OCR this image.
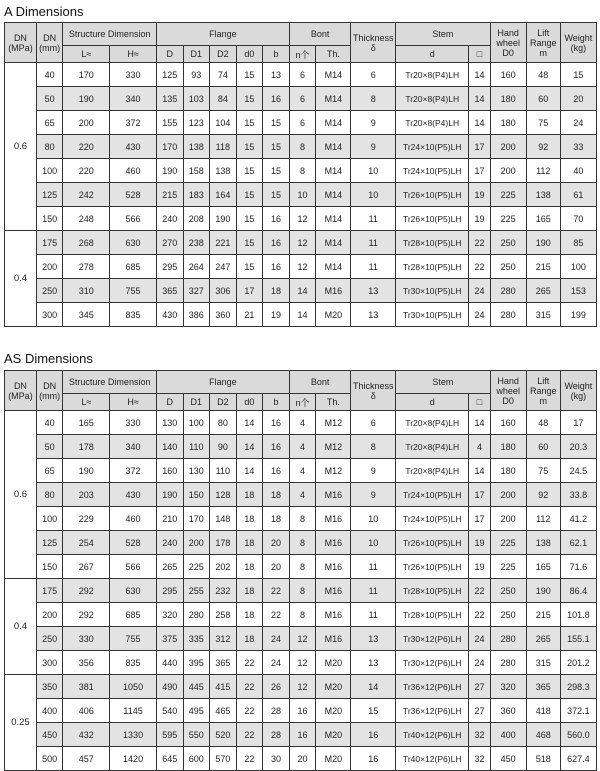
A Dimensions
DN (MPa)	DN (mm)	Structure Dimension		Flange					Bont		Thickness δ	Stem		Hand wheel D0	Lift Range m	Weight (kg)
		L≈	H≈	D	D1	D2	d0	b	n个	Th.		d	□			
0.6	40	170	330	125	93	74	15	13	6	M14	6	Tr20×8(P4)LH	14	160	48	15
	50	190	340	135	103	84	15	16	6	M14	8	Tr20×8(P4)LH	14	180	60	20
	65	200	372	155	123	104	15	15	6	M14	9	Tr20×8(P4)LH	14	180	75	24
	80	220	430	170	138	118	15	15	8	M14	9	Tr24×10(P5)LH	17	200	92	33
	100	220	460	190	158	138	15	15	8	M14	10	Tr24×10(P5)LH	17	200	112	40
	125	242	528	215	183	164	15	15	10	M14	10	Tr26×10(P5)LH	19	225	138	61
	150	248	566	240	208	190	15	16	12	M14	11	Tr26×10(P5)LH	19	225	165	70
0.4	175	268	630	270	238	221	15	16	12	M14	11	Tr28×10(P5)LH	22	250	190	85
	200	278	685	295	264	247	15	16	12	M14	11	Tr28×10(P5)LH	22	250	215	100
	250	310	755	365	327	306	17	18	14	M16	13	Tr30×10(P5)LH	24	280	265	153
	300	345	835	430	386	360	21	19	14	M20	13	Tr30×10(P5)LH	24	280	315	199
AS Dimensions
DN (MPa)	DN (mm)	Structure Dimension		Flange					Bont		Thickness δ	Stem		Hand wheel D0	Lift Range m	Weight (kg)
		L≈	H≈	D	D1	D2	d0	b	n个	Th.		d	□			
0.6	40	165	330	130	100	80	14	16	4	M12	6	Tr20×8(P4)LH	14	160	48	17
	50	178	340	140	110	90	14	16	4	M12	8	Tr20×8(P4)LH	4	180	60	20.3
	65	190	372	160	130	110	14	16	4	M12	9	Tr20×8(P4)LH	14	180	75	24.5
	80	203	430	190	150	128	18	18	4	M16	9	Tr24×10(P5)LH	17	200	92	33.8
	100	229	460	210	170	148	18	18	8	M16	10	Tr24×10(P5)LH	17	200	112	41.2
	125	254	528	240	200	178	18	20	8	M16	10	Tr26×10(P5)LH	19	225	138	62.1
	150	267	566	265	225	202	18	20	8	M16	11	Tr26×10(P5)LH	19	225	165	71.6
0.4	175	292	630	295	255	232	18	22	8	M16	11	Tr28×10(P5)LH	22	250	190	86.4
	200	292	685	320	280	258	18	22	8	M16	11	Tr28×10(P5)LH	22	250	215	101.8
	250	330	755	375	335	312	18	24	12	M16	13	Tr30×12(P6)LH	24	280	265	155.1
	300	356	835	440	395	365	22	24	12	M20	13	Tr30×12(P6)LH	24	280	315	201.2
0.25	350	381	1050	490	445	415	22	26	12	M20	14	Tr36×12(P6)LH	27	320	365	298.3
	400	406	1145	540	495	465	22	28	16	M20	15	Tr36×12(P6)LH	27	360	418	372.1
	450	432	1330	595	550	520	22	28	16	M20	16	Tr40×12(P6)LH	32	400	468	560.0
	500	457	1420	645	600	570	22	30	20	M20	16	Tr40×12(P6)LH	32	450	518	627.4
